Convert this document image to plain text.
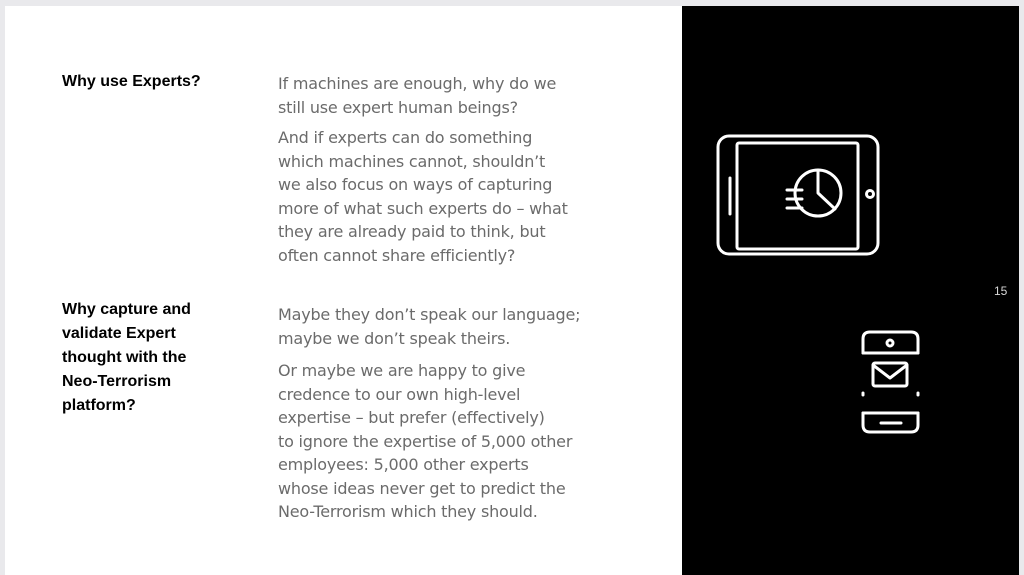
Why use Experts?	If machines are enough, why do we
still use expert human beings?
And if experts can do something
which machines cannot, shouldn’t
we also focus on ways of capturing
more of what such experts do – what
they are already paid to think, but
often cannot share efficiently?
Why capture and
validate Expert
thought with the
Neo-Terrorism
platform?
Maybe they don’t speak our language;
maybe we don’t speak theirs.
Or maybe we are happy to give
credence to our own high-level
expertise – but prefer (effectively)
to ignore the expertise of 5,000 other
employees: 5,000 other experts
whose ideas never get to predict the
Neo-Terrorism which they should.
15
